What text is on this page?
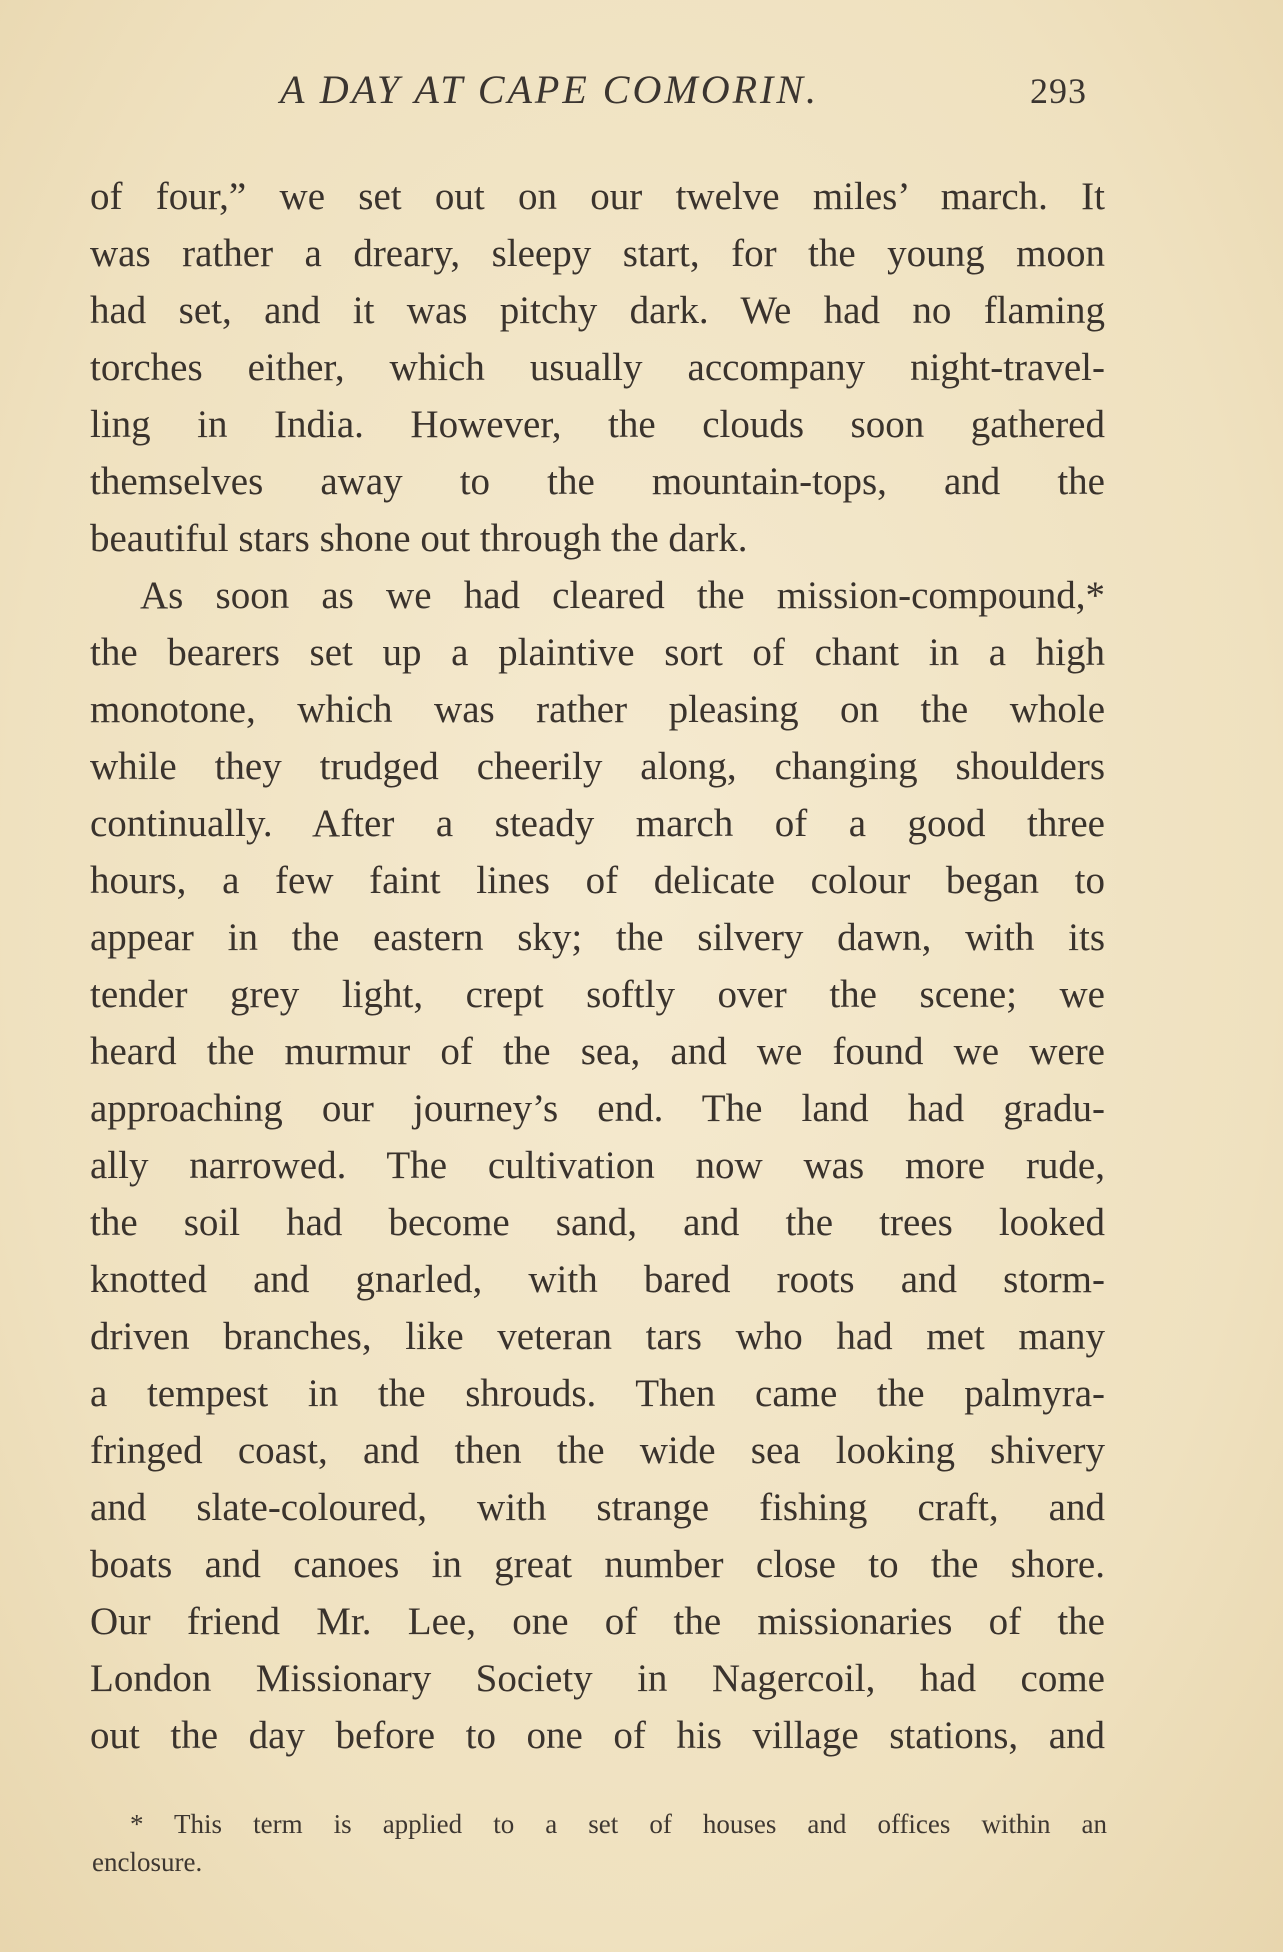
A DAY AT CAPE COMORIN.	293
of four,” we set out on our twelve miles’ march. It
was rather a dreary, sleepy start, for the young moon
had set, and it was pitchy dark. We had no flaming
torches either, which usually accompany night-travel-
ling in India. However, the clouds soon gathered
themselves away to the mountain-tops, and the
beautiful stars shone out through the dark.
As soon as we had cleared the mission-compound,*
the bearers set up a plaintive sort of chant in a high
monotone, which was rather pleasing on the whole
while they trudged cheerily along, changing shoulders
continually. After a steady march of a good three
hours, a few faint lines of delicate colour began to
appear in the eastern sky; the silvery dawn, with its
tender grey light, crept softly over the scene; we
heard the murmur of the sea, and we found we were
approaching our journey’s end. The land had gradu-
ally narrowed. The cultivation now was more rude,
the soil had become sand, and the trees looked
knotted and gnarled, with bared roots and storm-
driven branches, like veteran tars who had met many
a tempest in the shrouds. Then came the palmyra-
fringed coast, and then the wide sea looking shivery
and slate-coloured, with strange fishing craft, and
boats and canoes in great number close to the shore.
Our friend Mr. Lee, one of the missionaries of the
London Missionary Society in Nagercoil, had come
out the day before to one of his village stations, and
* This term is applied to a set of houses and offices within an
enclosure.
